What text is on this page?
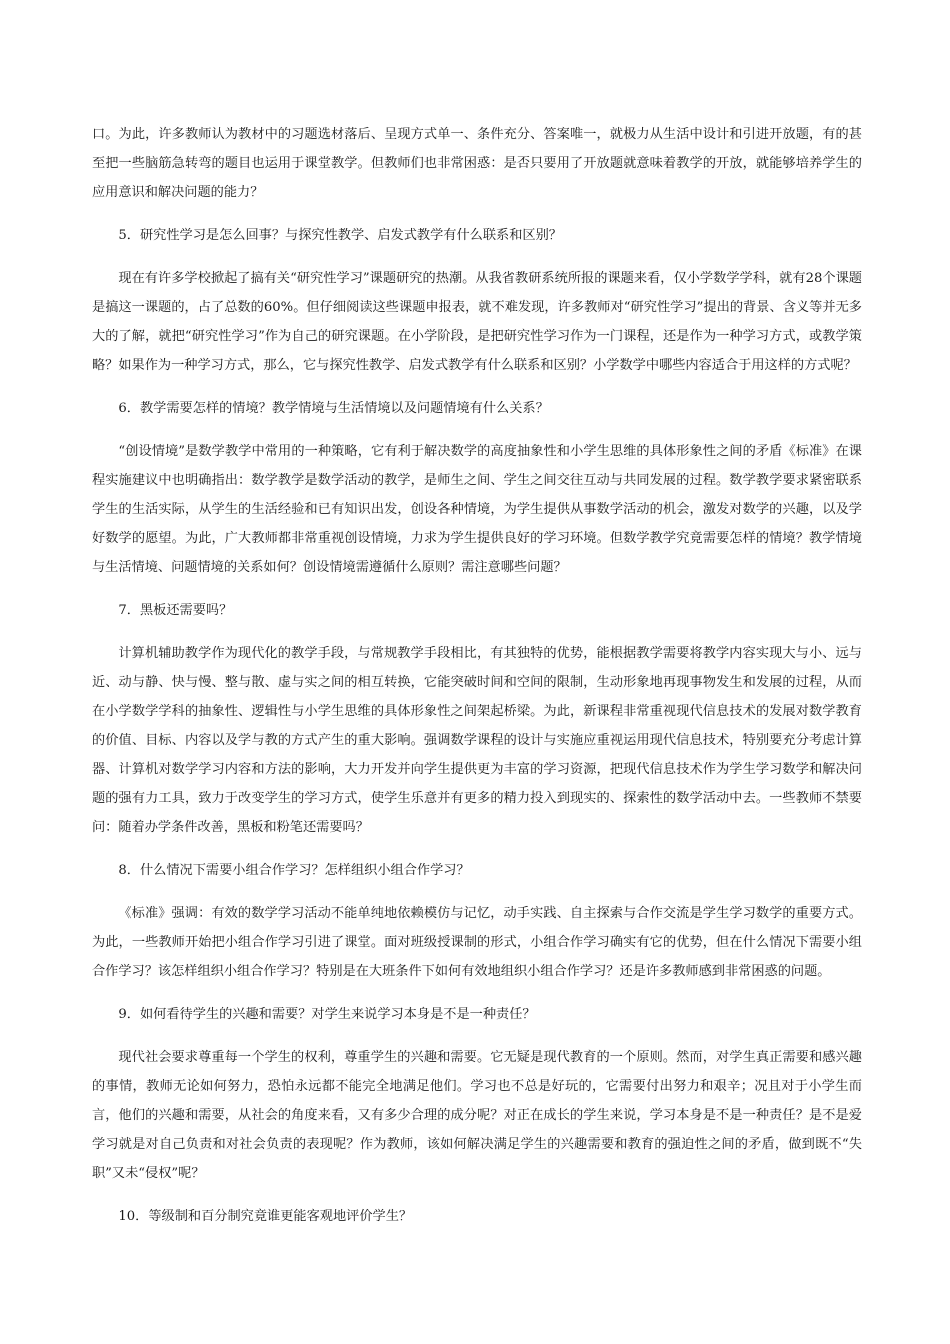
口。为此，许多教师认为教材中的习题选材落后、呈现方式单一、条件充分、答案唯一，就极力从生活中设计和引进开放题，有的甚至把一些脑筋急转弯的题目也运用于课堂教学。但教师们也非常困惑：是否只要用了开放题就意味着教学的开放，就能够培养学生的应用意识和解决问题的能力？

5．研究性学习是怎么回事？与探究性教学、启发式教学有什么联系和区别？

现在有许多学校掀起了搞有关“研究性学习”课题研究的热潮。从我省教研系统所报的课题来看，仅小学数学学科，就有28个课题是搞这一课题的，占了总数的60%。但仔细阅读这些课题申报表，就不难发现，许多教师对“研究性学习”提出的背景、含义等并无多大的了解，就把“研究性学习”作为自己的研究课题。在小学阶段，是把研究性学习作为一门课程，还是作为一种学习方式，或教学策略？如果作为一种学习方式，那么，它与探究性教学、启发式教学有什么联系和区别？小学数学中哪些内容适合于用这样的方式呢？

6．教学需要怎样的情境？教学情境与生活情境以及问题情境有什么关系？

“创设情境”是数学教学中常用的一种策略，它有利于解决数学的高度抽象性和小学生思维的具体形象性之间的矛盾《标准》在课程实施建议中也明确指出：数学教学是数学活动的教学，是师生之间、学生之间交往互动与共同发展的过程。数学教学要求紧密联系学生的生活实际，从学生的生活经验和已有知识出发，创设各种情境，为学生提供从事数学活动的机会，激发对数学的兴趣，以及学好数学的愿望。为此，广大教师都非常重视创设情境，力求为学生提供良好的学习环境。但数学教学究竟需要怎样的情境？教学情境与生活情境、问题情境的关系如何？创设情境需遵循什么原则？需注意哪些问题？

7．黑板还需要吗？

计算机辅助教学作为现代化的教学手段，与常规教学手段相比，有其独特的优势，能根据教学需要将教学内容实现大与小、远与近、动与静、快与慢、整与散、虚与实之间的相互转换，它能突破时间和空间的限制，生动形象地再现事物发生和发展的过程，从而在小学数学学科的抽象性、逻辑性与小学生思维的具体形象性之间架起桥梁。为此，新课程非常重视现代信息技术的发展对数学教育的价值、目标、内容以及学与教的方式产生的重大影响。强调数学课程的设计与实施应重视运用现代信息技术，特别要充分考虑计算器、计算机对数学学习内容和方法的影响，大力开发并向学生提供更为丰富的学习资源，把现代信息技术作为学生学习数学和解决问题的强有力工具，致力于改变学生的学习方式，使学生乐意并有更多的精力投入到现实的、探索性的数学活动中去。一些教师不禁要问：随着办学条件改善，黑板和粉笔还需要吗？

8．什么情况下需要小组合作学习？怎样组织小组合作学习？

《标准》强调：有效的数学学习活动不能单纯地依赖模仿与记忆，动手实践、自主探索与合作交流是学生学习数学的重要方式。为此，一些教师开始把小组合作学习引进了课堂。面对班级授课制的形式，小组合作学习确实有它的优势，但在什么情况下需要小组合作学习？该怎样组织小组合作学习？特别是在大班条件下如何有效地组织小组合作学习？还是许多教师感到非常困惑的问题。

9．如何看待学生的兴趣和需要？对学生来说学习本身是不是一种责任？

现代社会要求尊重每一个学生的权利，尊重学生的兴趣和需要。它无疑是现代教育的一个原则。然而，对学生真正需要和感兴趣的事情，教师无论如何努力，恐怕永远都不能完全地满足他们。学习也不总是好玩的，它需要付出努力和艰辛；况且对于小学生而言，他们的兴趣和需要，从社会的角度来看，又有多少合理的成分呢？对正在成长的学生来说，学习本身是不是一种责任？是不是爱学习就是对自己负责和对社会负责的表现呢？作为教师，该如何解决满足学生的兴趣需要和教育的强迫性之间的矛盾，做到既不“失职”又未“侵权”呢？

10．等级制和百分制究竟谁更能客观地评价学生？
